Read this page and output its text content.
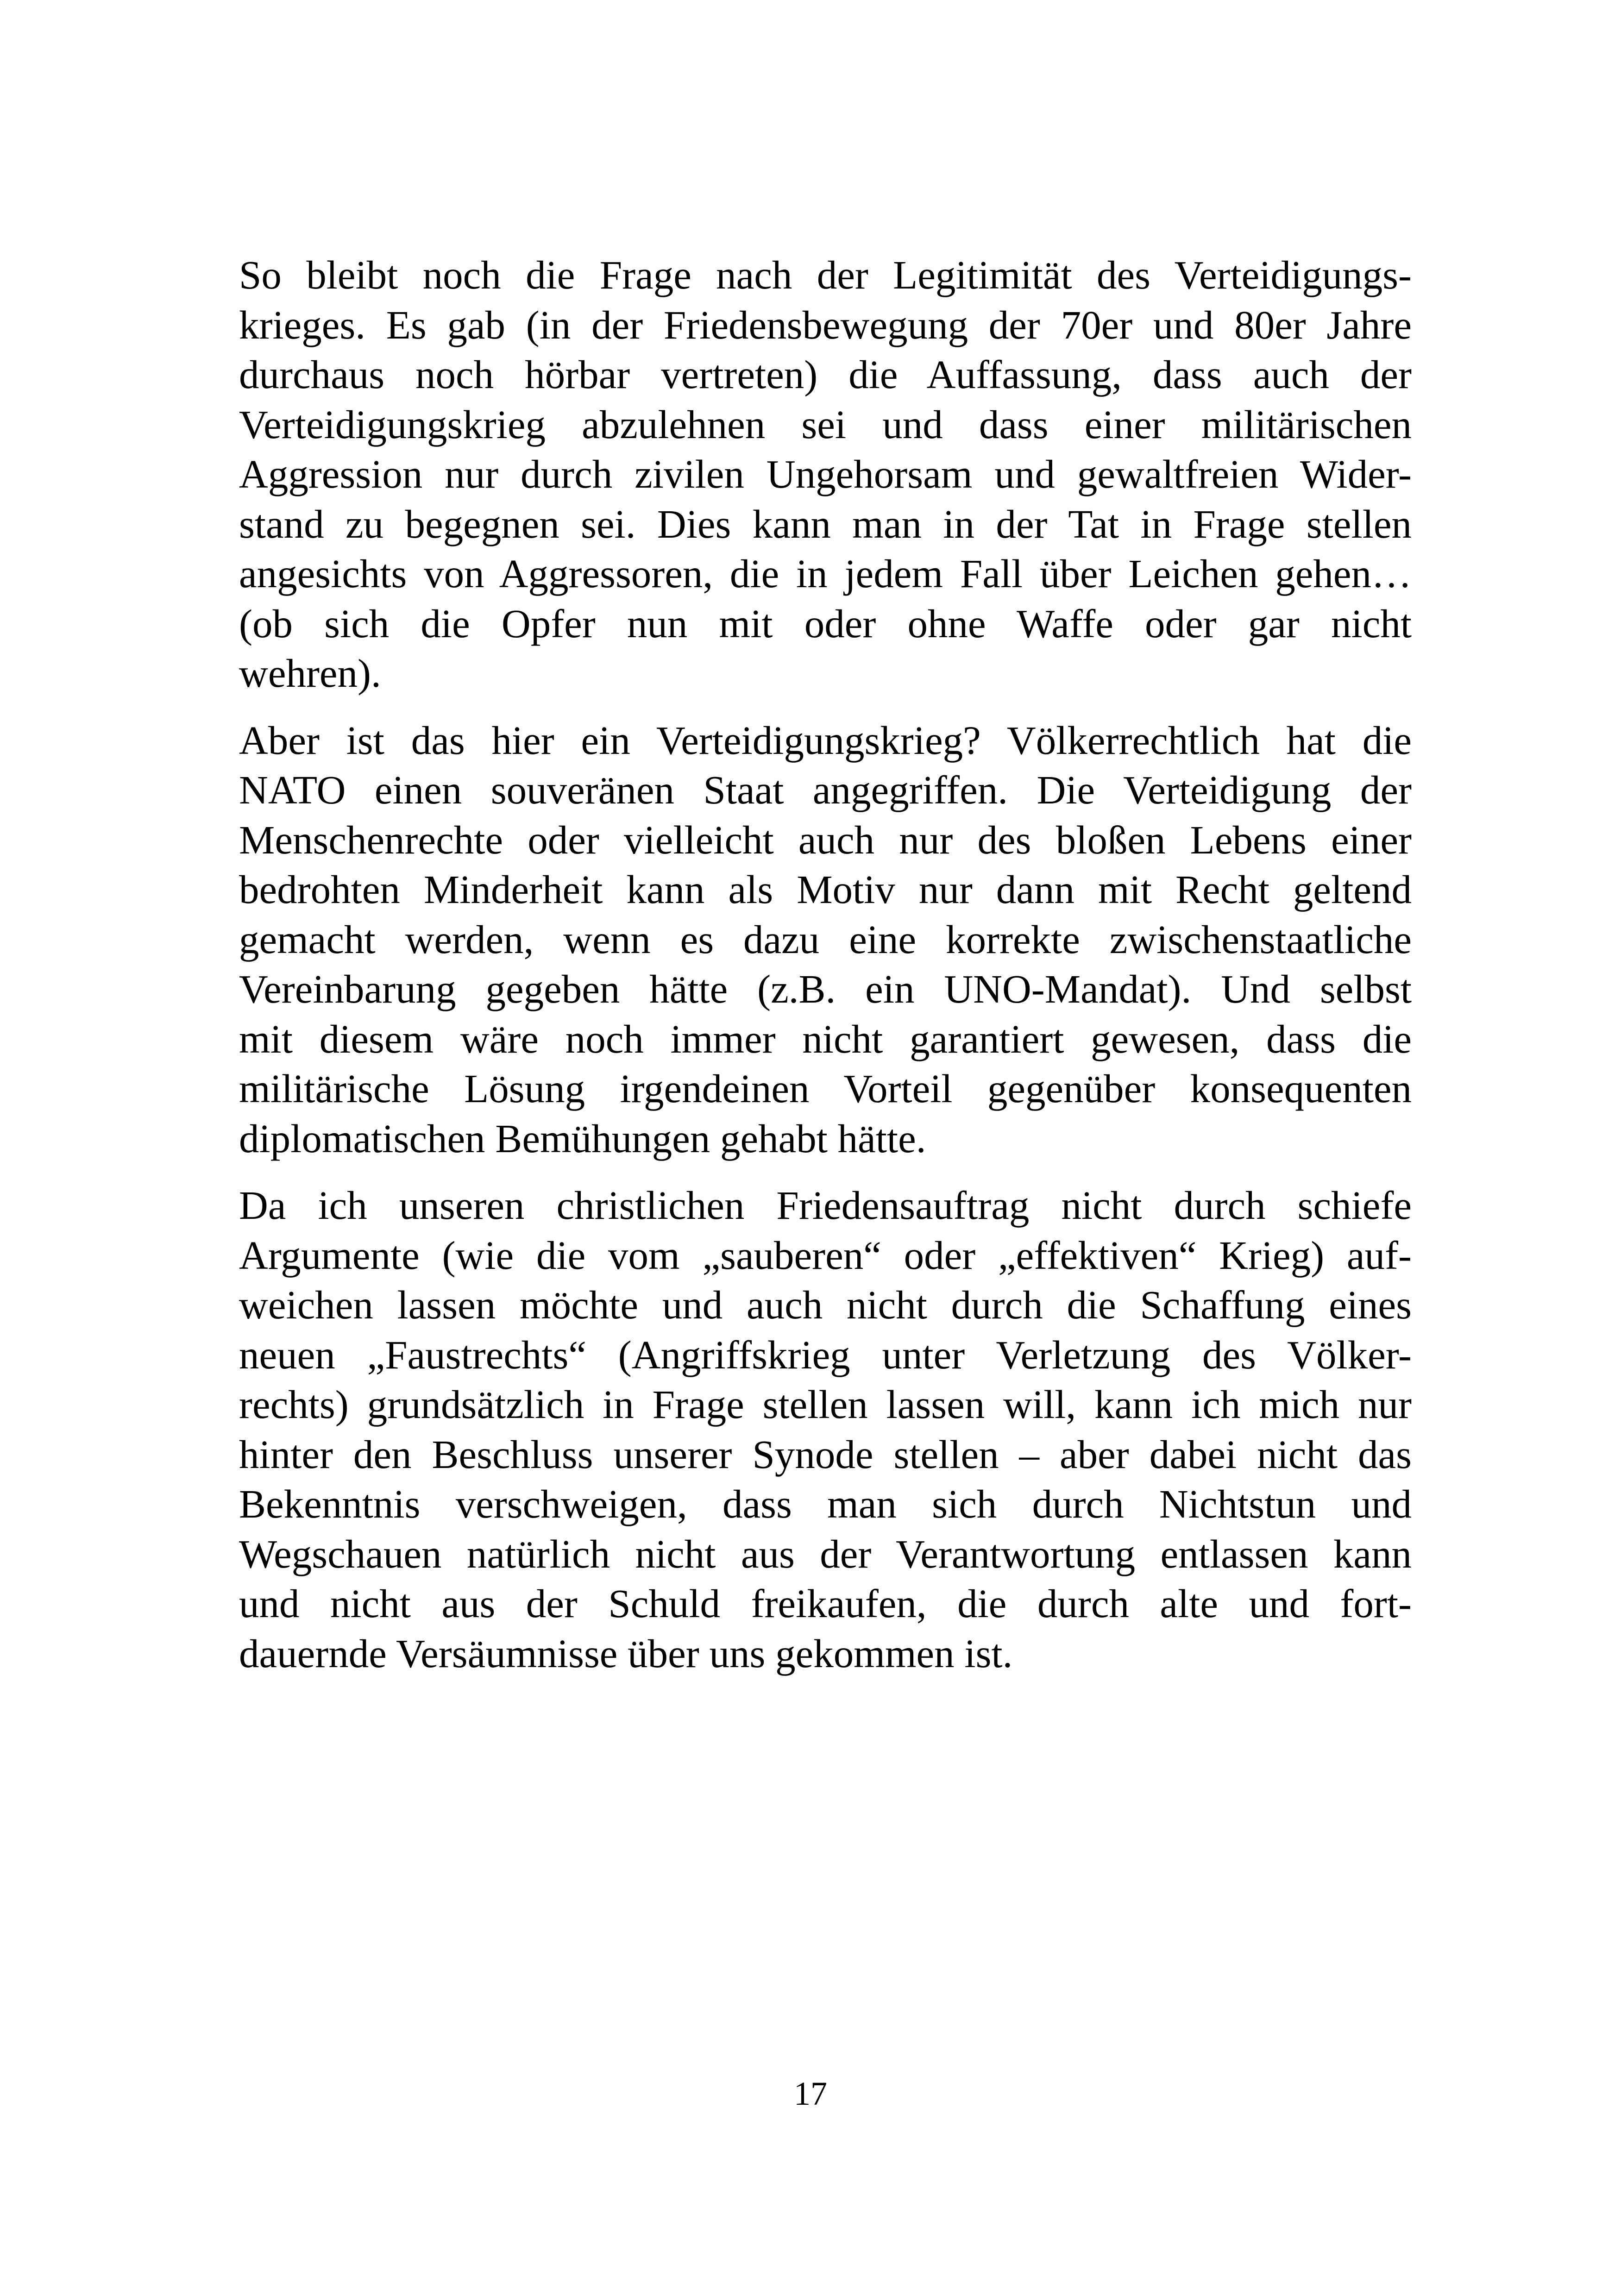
So bleibt noch die Frage nach der Legitimität des Verteidigungs-
krieges. Es gab (in der Friedensbewegung der 70er und 80er Jahre
durchaus noch hörbar vertreten) die Auffassung, dass auch der
Verteidigungskrieg abzulehnen sei und dass einer militärischen
Aggression nur durch zivilen Ungehorsam und gewaltfreien Wider-
stand zu begegnen sei. Dies kann man in der Tat in Frage stellen
angesichts von Aggressoren, die in jedem Fall über Leichen gehen…
(ob sich die Opfer nun mit oder ohne Waffe oder gar nicht
wehren).

Aber ist das hier ein Verteidigungskrieg? Völkerrechtlich hat die
NATO einen souveränen Staat angegriffen. Die Verteidigung der
Menschenrechte oder vielleicht auch nur des bloßen Lebens einer
bedrohten Minderheit kann als Motiv nur dann mit Recht geltend
gemacht werden, wenn es dazu eine korrekte zwischenstaatliche
Vereinbarung gegeben hätte (z.B. ein UNO-Mandat). Und selbst
mit diesem wäre noch immer nicht garantiert gewesen, dass die
militärische Lösung irgendeinen Vorteil gegenüber konsequenten
diplomatischen Bemühungen gehabt hätte.

Da ich unseren christlichen Friedensauftrag nicht durch schiefe
Argumente (wie die vom „sauberen“ oder „effektiven“ Krieg) auf-
weichen lassen möchte und auch nicht durch die Schaffung eines
neuen „Faustrechts“ (Angriffskrieg unter Verletzung des Völker-
rechts) grundsätzlich in Frage stellen lassen will, kann ich mich nur
hinter den Beschluss unserer Synode stellen – aber dabei nicht das
Bekenntnis verschweigen, dass man sich durch Nichtstun und
Wegschauen natürlich nicht aus der Verantwortung entlassen kann
und nicht aus der Schuld freikaufen, die durch alte und fort-
dauernde Versäumnisse über uns gekommen ist.

17
